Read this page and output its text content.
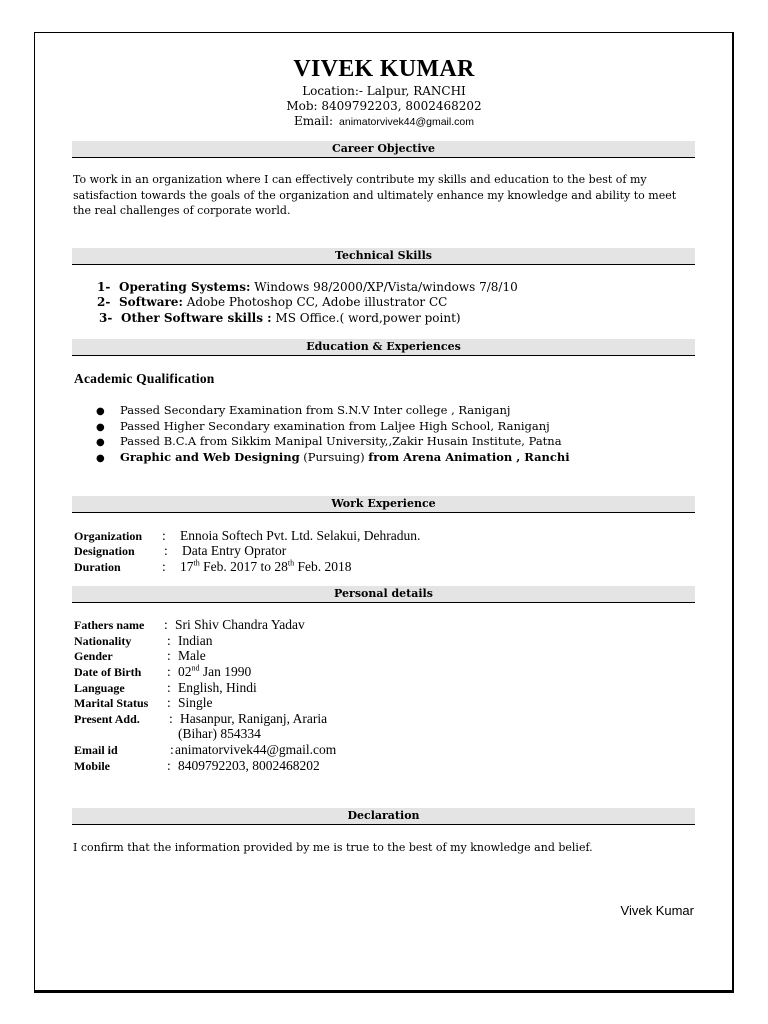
VIVEK KUMAR
Location:- Lalpur, RANCHI
Mob: 8409792203, 8002468202
Email: animatorvivek44@gmail.com
Career Objective
To work in an organization where I can effectively contribute my skills and education to the best of my
satisfaction towards the goals of the organization and ultimately enhance my knowledge and ability to meet
the real challenges of corporate world.
Technical Skills
1- Operating Systems: Windows 98/2000/XP/Vista/windows 7/8/10
2- Software: Adobe Photoshop CC, Adobe illustrator CC
3- Other Software skills : MS Office.( word,power point)
Education & Experiences
Academic Qualification
● Passed Secondary Examination from S.N.V Inter college , Raniganj
● Passed Higher Secondary examination from Laljee High School, Raniganj
● Passed B.C.A from Sikkim Manipal University,,Zakir Husain Institute, Patna
● Graphic and Web Designing (Pursuing) from Arena Animation , Ranchi
Work Experience
Organization : Ennoia Softech Pvt. Ltd. Selakui, Dehradun.
Designation : Data Entry Oprator
Duration	: 17th Feb. 2017 to 28th Feb. 2018
Personal details
Fathers name : Sri Shiv Chandra Yadav
Nationality	: Indian
Gender	: Male
Date of Birth : 02nd Jan 1990
Language	: English, Hindi
Marital Status : Single
Present Add. : Hasanpur, Raniganj, Araria
(Bihar) 854334
Email id	: animatorvivek44@gmail.com
Mobile	: 8409792203, 8002468202
Declaration
I confirm that the information provided by me is true to the best of my knowledge and belief.
Vivek Kumar
